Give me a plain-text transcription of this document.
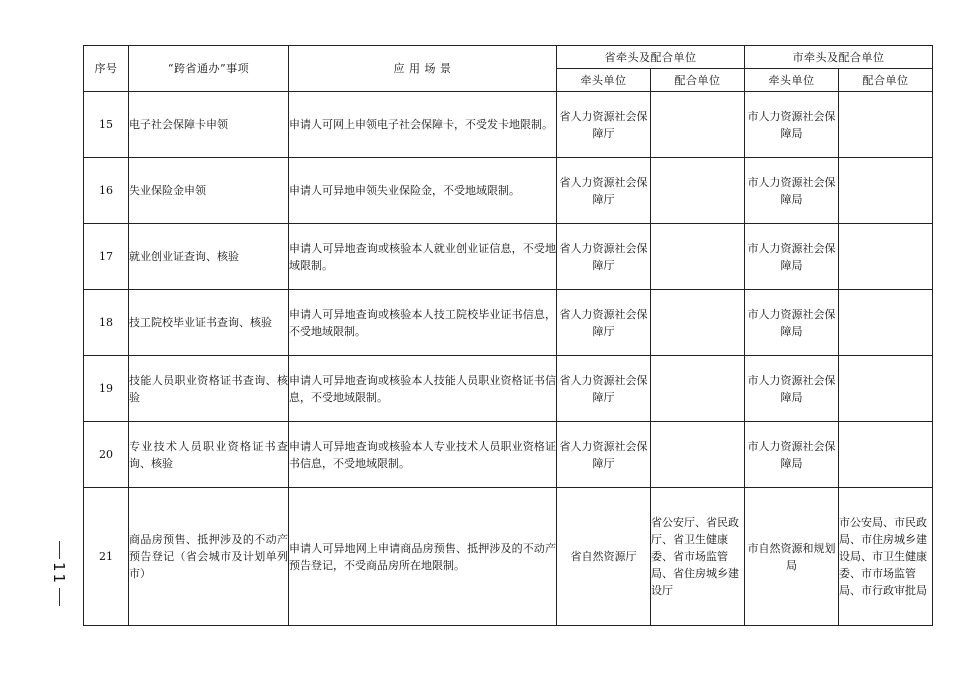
序号	“跨省通办”事项	应 用 场 景	省牵头及配合单位		市牵头及配合单位	
			牵头单位	配合单位	牵头单位	配合单位
15	电子社会保障卡申领	申请人可网上申领电子社会保障卡，不受发卡地限制。	省人力资源社会保障厅		市人力资源社会保障局	
16	失业保险金申领	申请人可异地申领失业保险金，不受地域限制。	省人力资源社会保障厅		市人力资源社会保障局	
17	就业创业证查询、核验	申请人可异地查询或核验本人就业创业证信息，不受地域限制。	省人力资源社会保障厅		市人力资源社会保障局	
18	技工院校毕业证书查询、核验	申请人可异地查询或核验本人技工院校毕业证书信息，不受地域限制。	省人力资源社会保障厅		市人力资源社会保障局	
19	技能人员职业资格证书查询、核验	申请人可异地查询或核验本人技能人员职业资格证书信息，不受地域限制。	省人力资源社会保障厅		市人力资源社会保障局	
20	专业技术人员职业资格证书查询、核验	申请人可异地查询或核验本人专业技术人员职业资格证书信息，不受地域限制。	省人力资源社会保障厅		市人力资源社会保障局	
21	商品房预售、抵押涉及的不动产预告登记（省会城市及计划单列市）	申请人可异地网上申请商品房预售、抵押涉及的不动产预告登记，不受商品房所在地限制。	省自然资源厅	省公安厅、省民政厅、省卫生健康委、省市场监管局、省住房城乡建设厅	市自然资源和规划局	市公安局、市民政局、市住房城乡建设局、市卫生健康委、市市场监管局、市行政审批局
11
